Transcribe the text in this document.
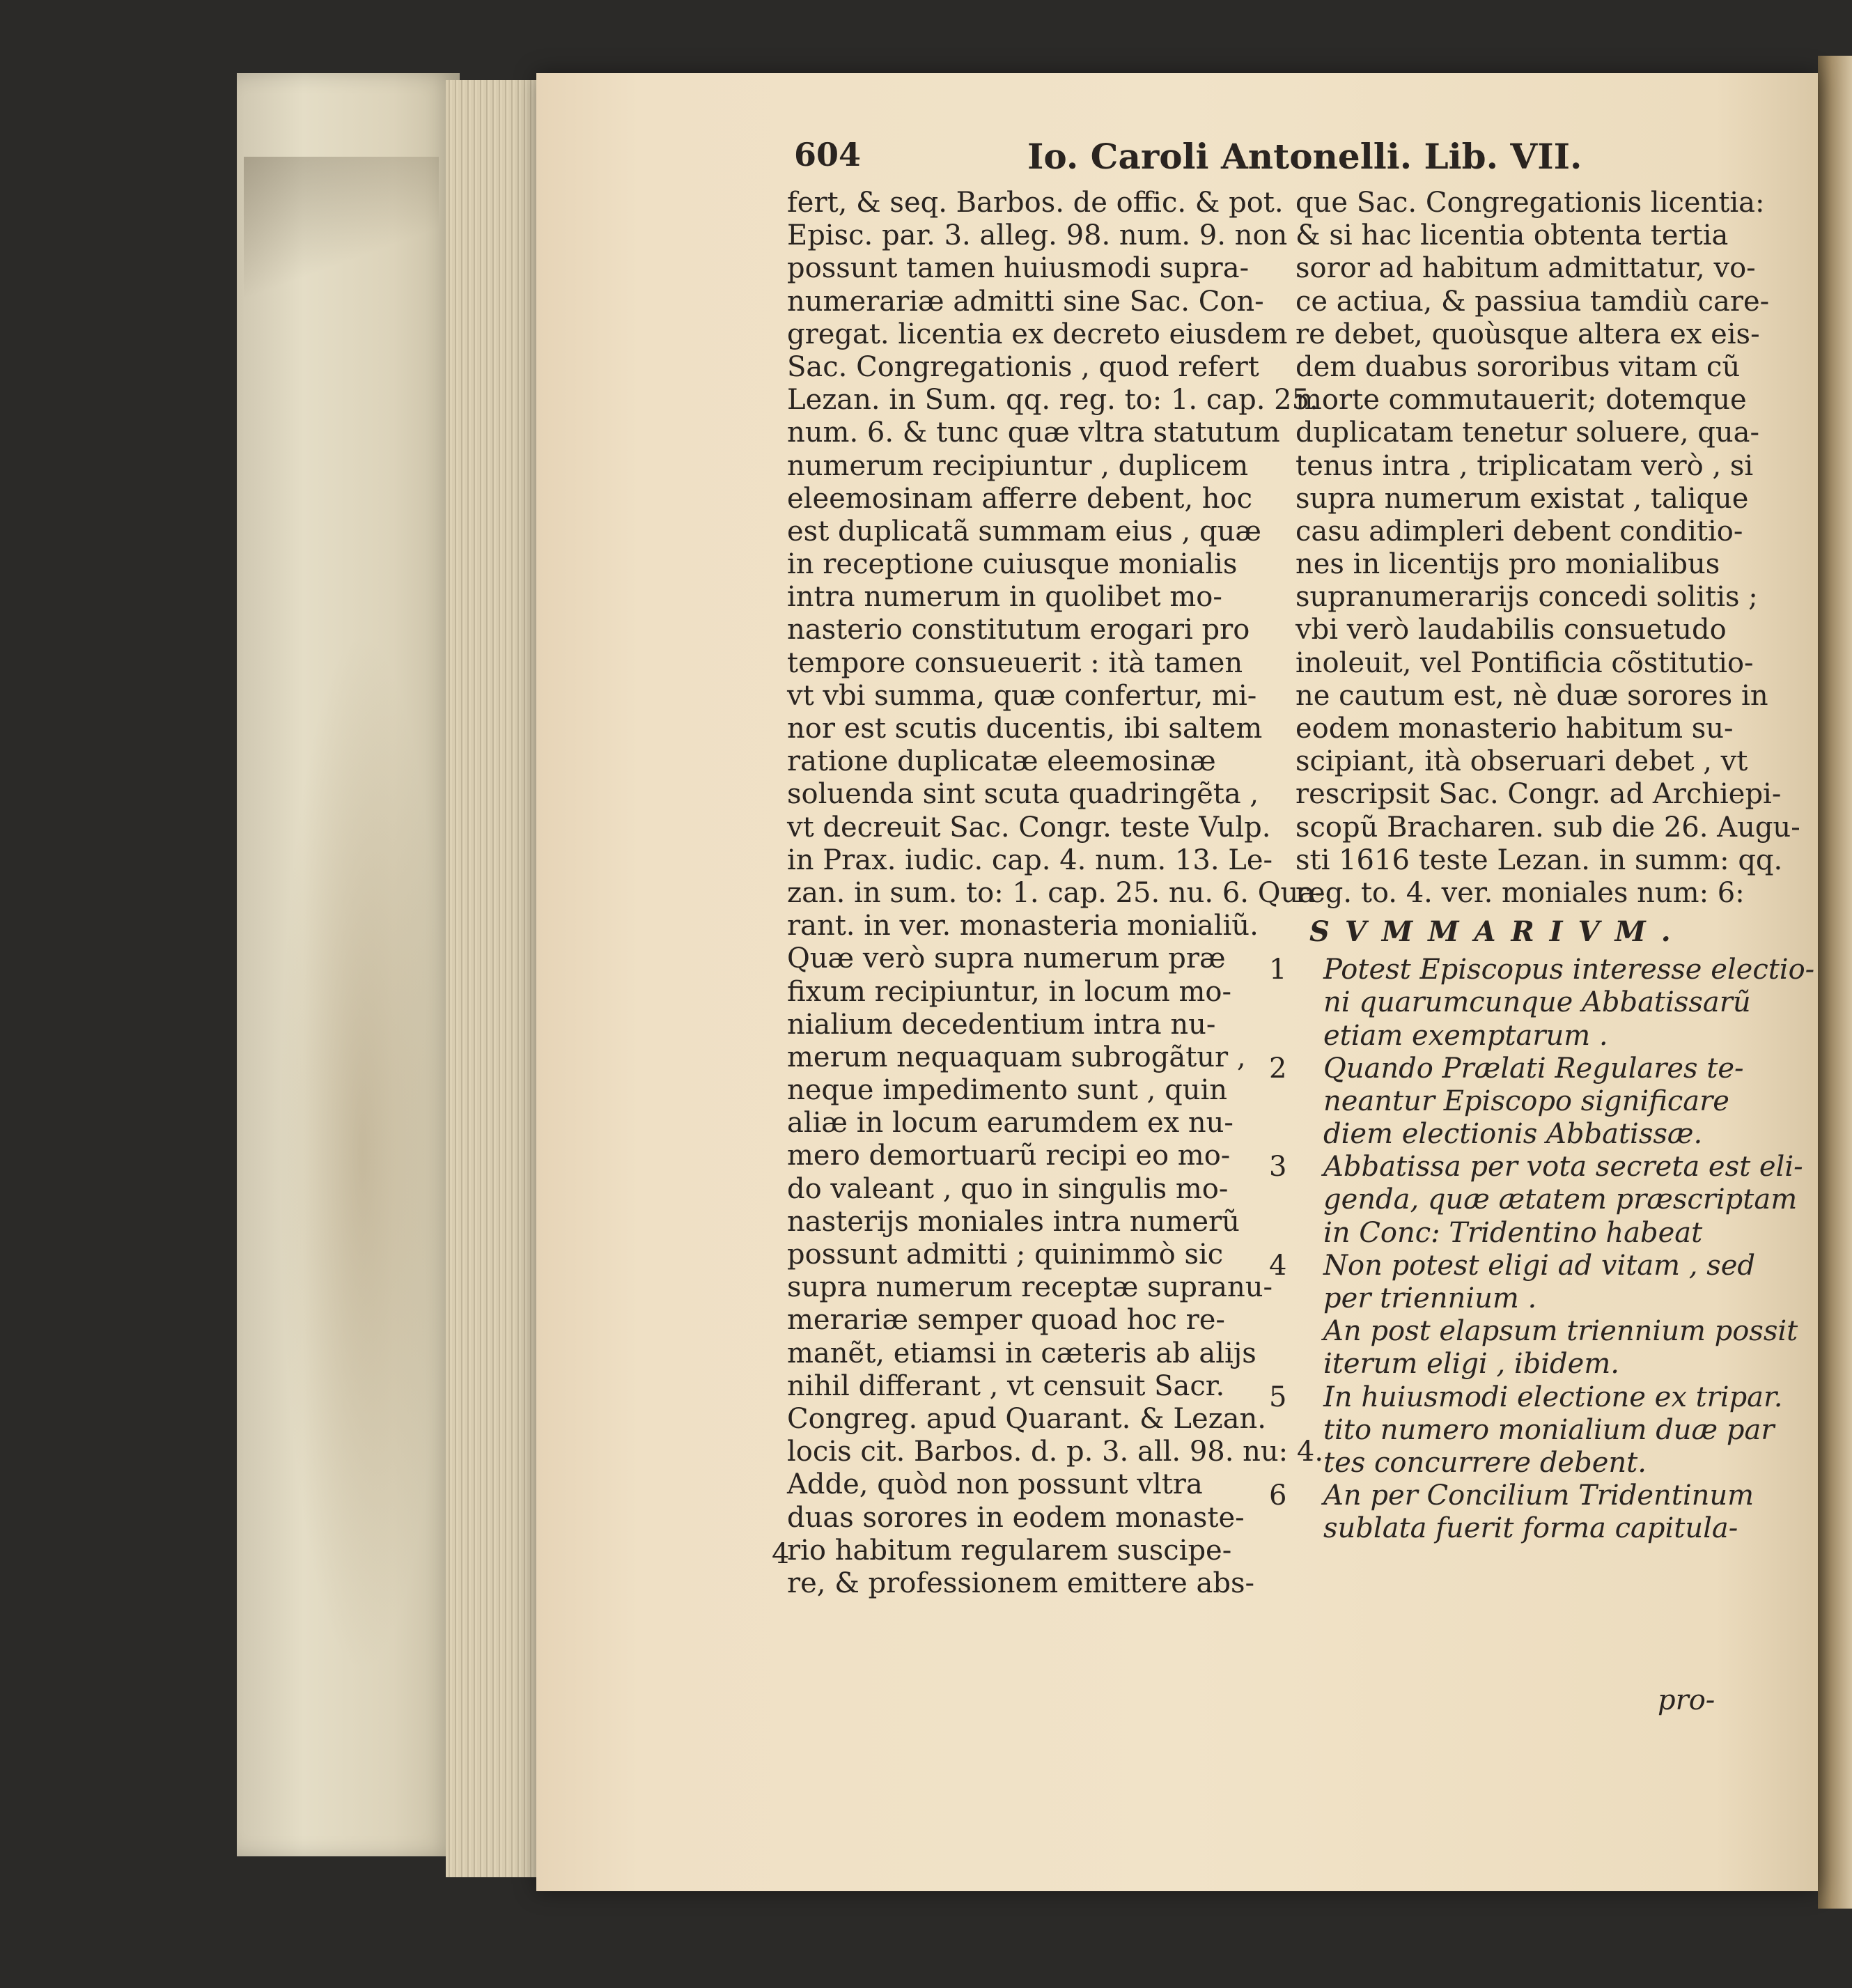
604	Io. Caroli Antonelli. Lib. VII.
fert, & seq. Barbos. de offic. & pot.
Episc. par. 3. alleg. 98. num. 9. non
possunt tamen huiusmodi supra-
numerariæ admitti sine Sac. Con-
gregat. licentia ex decreto eiusdem
Sac. Congregationis , quod refert
Lezan. in Sum. qq. reg. to: 1. cap. 25.
num. 6. & tunc quæ vltra statutum
numerum recipiuntur , duplicem
eleemosinam afferre debent, hoc
est duplicatã summam eius , quæ
in receptione cuiusque monialis
intra numerum in quolibet mo-
nasterio constitutum erogari pro
tempore consueuerit : ità tamen
vt vbi summa, quæ confertur, mi-
nor est scutis ducentis, ibi saltem
ratione duplicatæ eleemosinæ
soluenda sint scuta quadringẽta ,
vt decreuit Sac. Congr. teste Vulp.
in Prax. iudic. cap. 4. num. 13. Le-
zan. in sum. to: 1. cap. 25. nu. 6. Qua-
rant. in ver. monasteria monialiũ.
Quæ verò supra numerum præ
fixum recipiuntur, in locum mo-
nialium decedentium intra nu-
merum nequaquam subrogãtur ,
neque impedimento sunt , quin
aliæ in locum earumdem ex nu-
mero demortuarũ recipi eo mo-
do valeant , quo in singulis mo-
nasterijs moniales intra numerũ
possunt admitti ; quinimmò sic
supra numerum receptæ supranu-
merariæ semper quoad hoc re-
manẽt, etiamsi in cæteris ab alijs
nihil differant , vt censuit Sacr.
Congreg. apud Quarant. & Lezan.
locis cit. Barbos. d. p. 3. all. 98. nu: 4.
Adde, quòd non possunt vltra
duas sorores in eodem monaste-
rio habitum regularem suscipe-
re, & professionem emittere abs-
4
que Sac. Congregationis licentia:
& si hac licentia obtenta tertia
soror ad habitum admittatur, vo-
ce actiua, & passiua tamdiù care-
re debet, quoùsque altera ex eis-
dem duabus sororibus vitam cũ
morte commutauerit; dotemque
duplicatam tenetur soluere, qua-
tenus intra , triplicatam verò , si
supra numerum existat , talique
casu adimpleri debent conditio-
nes in licentijs pro monialibus
supranumerarijs concedi solitis ;
vbi verò laudabilis consuetudo
inoleuit, vel Pontificia cõstitutio-
ne cautum est, nè duæ sorores in
eodem monasterio habitum su-
scipiant, ità obseruari debet , vt
rescripsit Sac. Congr. ad Archiepi-
scopũ Bracharen. sub die 26. Augu-
sti 1616 teste Lezan. in summ: qq.
reg. to. 4. ver. moniales num: 6:
SVMMARIVM.
1 Potest Episcopus interesse electio-
ni quarumcunque Abbatissarũ
etiam exemptarum .
2 Quando Prælati Regulares te-
neantur Episcopo significare
diem electionis Abbatissæ.
3 Abbatissa per vota secreta est eli-
genda, quæ ætatem præscriptam
in Conc: Tridentino habeat
4 Non potest eligi ad vitam , sed
per triennium .
An post elapsum triennium possit
iterum eligi , ibidem.
5 In huiusmodi electione ex tripar.
tito numero monialium duæ par
tes concurrere debent.
6 An per Concilium Tridentinum
sublata fuerit forma capitula-
pro-
